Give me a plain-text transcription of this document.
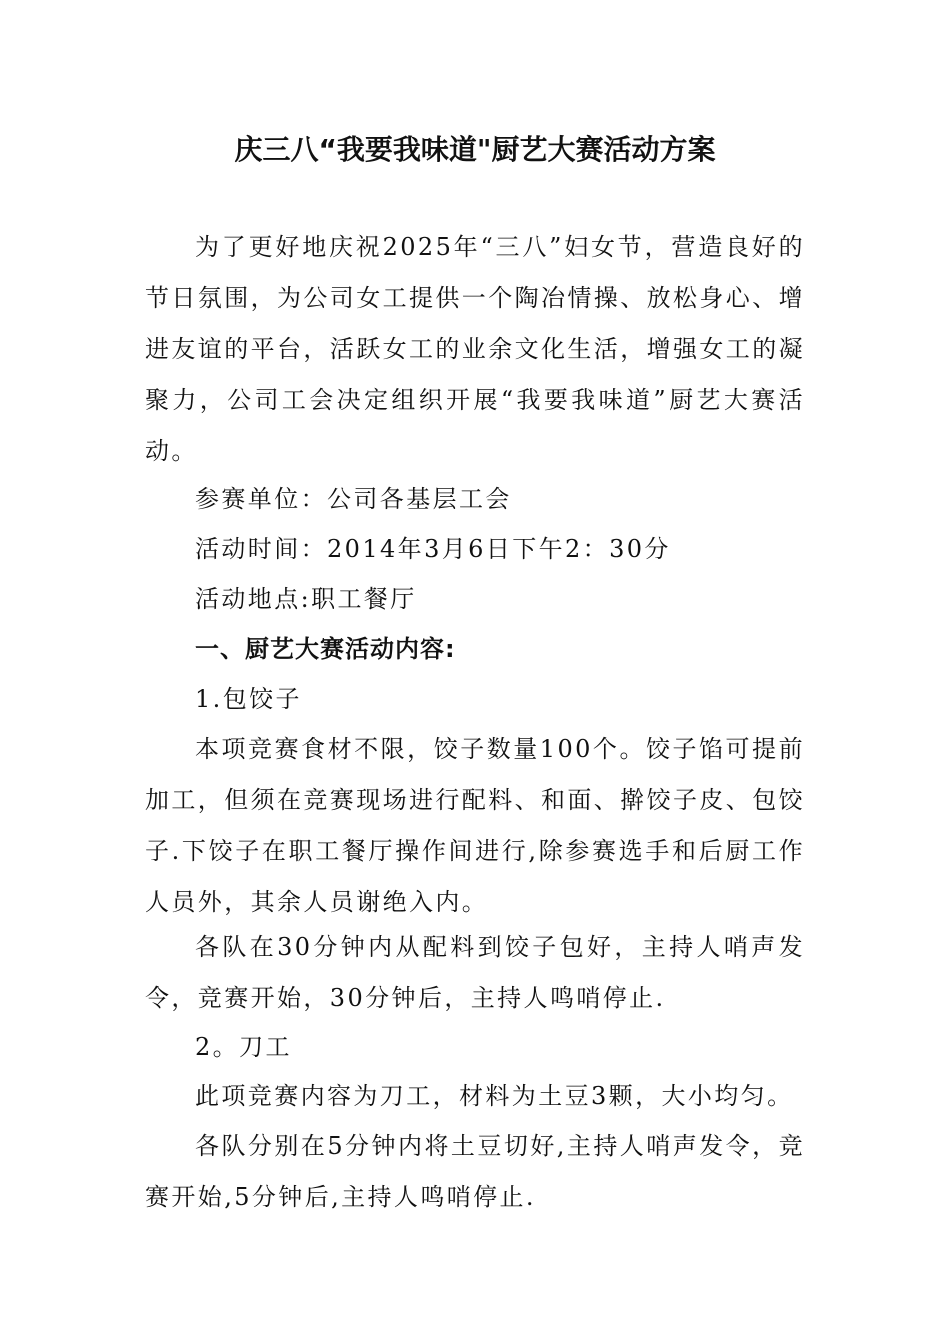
庆三八“我要我味道"厨艺大赛活动方案
为了更好地庆祝2025年“三八”妇女节，营造良好的节日氛围，为公司女工提供一个陶冶情操、放松身心、增进友谊的平台，活跃女工的业余文化生活，增强女工的凝聚力，公司工会决定组织开展“我要我味道”厨艺大赛活动。
参赛单位：公司各基层工会
活动时间：2014年3月6日下午2：30分
活动地点:职工餐厅
一、厨艺大赛活动内容:
1.包饺子
本项竞赛食材不限，饺子数量100个。饺子馅可提前加工，但须在竞赛现场进行配料、和面、擀饺子皮、包饺子.下饺子在职工餐厅操作间进行,除参赛选手和后厨工作人员外，其余人员谢绝入内。
各队在30分钟内从配料到饺子包好，主持人哨声发令，竞赛开始，30分钟后，主持人鸣哨停止.
2。刀工
此项竞赛内容为刀工，材料为土豆3颗，大小均匀。
各队分别在5分钟内将土豆切好,主持人哨声发令，竞赛开始,5分钟后,主持人鸣哨停止.
